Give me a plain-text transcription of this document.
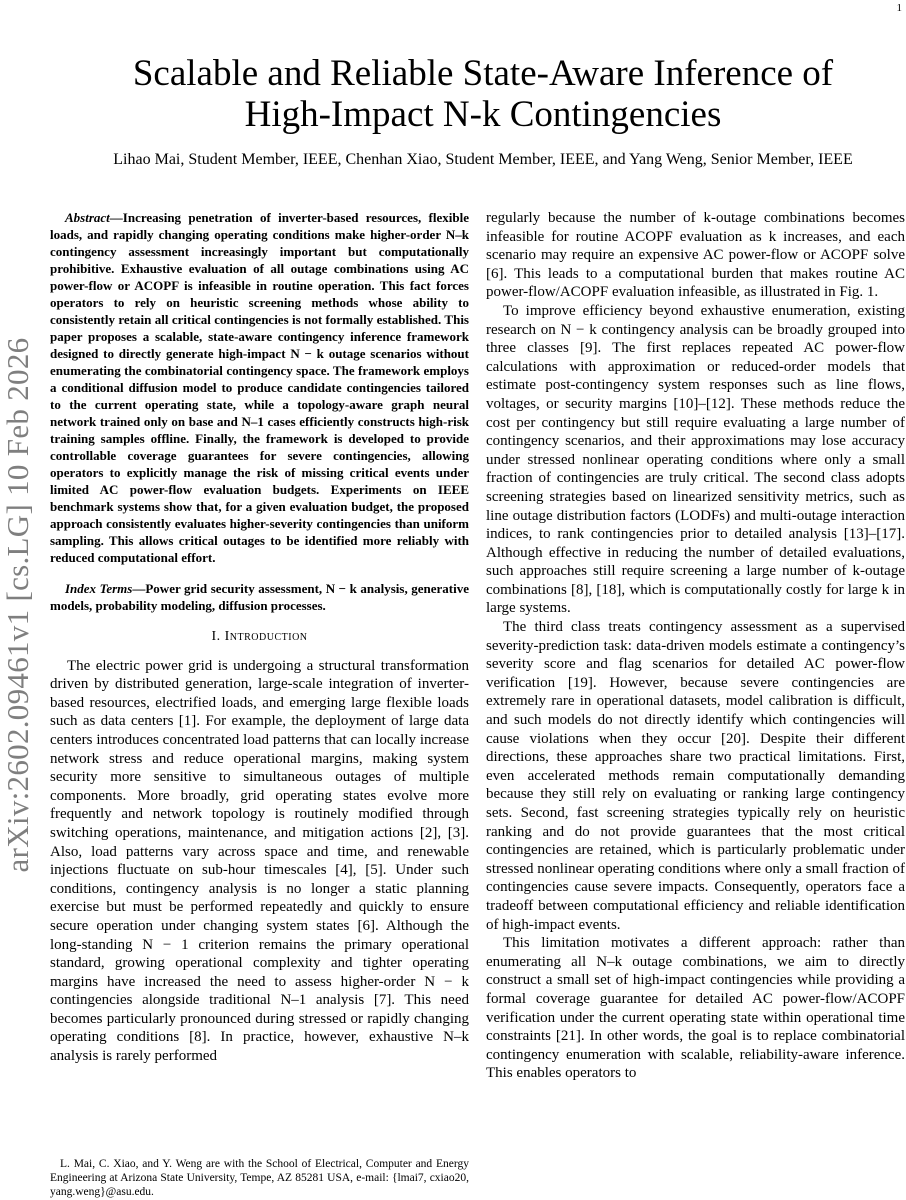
1
arXiv:2602.09461v1 [cs.LG] 10 Feb 2026
Scalable and Reliable State-Aware Inference of
High-Impact N-k Contingencies
Lihao Mai, Student Member, IEEE, Chenhan Xiao, Student Member, IEEE, and Yang Weng, Senior Member, IEEE

Abstract—Increasing penetration of inverter-based resources, flexible loads, and rapidly changing operating conditions make higher-order N–k contingency assessment increasingly important but computationally prohibitive. Exhaustive evaluation of all outage combinations using AC power-flow or ACOPF is infeasible in routine operation. This fact forces operators to rely on heuristic screening methods whose ability to consistently retain all critical contingencies is not formally established. This paper proposes a scalable, state-aware contingency inference framework designed to directly generate high-impact N − k outage scenarios without enumerating the combinatorial contingency space. The framework employs a conditional diffusion model to produce candidate contingencies tailored to the current operating state, while a topology-aware graph neural network trained only on base and N–1 cases efficiently constructs high-risk training samples offline. Finally, the framework is developed to provide controllable coverage guarantees for severe contingencies, allowing operators to explicitly manage the risk of missing critical events under limited AC power-flow evaluation budgets. Experiments on IEEE benchmark systems show that, for a given evaluation budget, the proposed approach consistently evaluates higher-severity contingencies than uniform sampling. This allows critical outages to be identified more reliably with reduced computational effort.

Index Terms—Power grid security assessment, N − k analysis, generative models, probability modeling, diffusion processes.

I. Introduction

The electric power grid is undergoing a structural transformation driven by distributed generation, large-scale integration of inverter-based resources, electrified loads, and emerging large flexible loads such as data centers [1]. For example, the deployment of large data centers introduces concentrated load patterns that can locally increase network stress and reduce operational margins, making system security more sensitive to simultaneous outages of multiple components. More broadly, grid operating states evolve more frequently and network topology is routinely modified through switching operations, maintenance, and mitigation actions [2], [3]. Also, load patterns vary across space and time, and renewable injections fluctuate on sub-hour timescales [4], [5]. Under such conditions, contingency analysis is no longer a static planning exercise but must be performed repeatedly and quickly to ensure secure operation under changing system states [6]. Although the long-standing N − 1 criterion remains the primary operational standard, growing operational complexity and tighter operating margins have increased the need to assess higher-order N − k contingencies alongside traditional N–1 analysis [7]. This need becomes particularly pronounced during stressed or rapidly changing operating conditions [8]. In practice, however, exhaustive N–k analysis is rarely performed

regularly because the number of k-outage combinations becomes infeasible for routine ACOPF evaluation as k increases, and each scenario may require an expensive AC power-flow or ACOPF solve [6]. This leads to a computational burden that makes routine AC power-flow/ACOPF evaluation infeasible, as illustrated in Fig. 1.

To improve efficiency beyond exhaustive enumeration, existing research on N − k contingency analysis can be broadly grouped into three classes [9]. The first replaces repeated AC power-flow calculations with approximation or reduced-order models that estimate post-contingency system responses such as line flows, voltages, or security margins [10]–[12]. These methods reduce the cost per contingency but still require evaluating a large number of contingency scenarios, and their approximations may lose accuracy under stressed nonlinear operating conditions where only a small fraction of contingencies are truly critical. The second class adopts screening strategies based on linearized sensitivity metrics, such as line outage distribution factors (LODFs) and multi-outage interaction indices, to rank contingencies prior to detailed analysis [13]–[17]. Although effective in reducing the number of detailed evaluations, such approaches still require screening a large number of k-outage combinations [8], [18], which is computationally costly for large k in large systems.

The third class treats contingency assessment as a supervised severity-prediction task: data-driven models estimate a contingency’s severity score and flag scenarios for detailed AC power-flow verification [19]. However, because severe contingencies are extremely rare in operational datasets, model calibration is difficult, and such models do not directly identify which contingencies will cause violations when they occur [20]. Despite their different directions, these approaches share two practical limitations. First, even accelerated methods remain computationally demanding because they still rely on evaluating or ranking large contingency sets. Second, fast screening strategies typically rely on heuristic ranking and do not provide guarantees that the most critical contingencies are retained, which is particularly problematic under stressed nonlinear operating conditions where only a small fraction of contingencies cause severe impacts. Consequently, operators face a tradeoff between computational efficiency and reliable identification of high-impact events.

This limitation motivates a different approach: rather than enumerating all N–k outage combinations, we aim to directly construct a small set of high-impact contingencies while providing a formal coverage guarantee for detailed AC power-flow/ACOPF verification under the current operating state within operational time constraints [21]. In other words, the goal is to replace combinatorial contingency enumeration with scalable, reliability-aware inference. This enables operators to

L. Mai, C. Xiao, and Y. Weng are with the School of Electrical, Computer and Energy Engineering at Arizona State University, Tempe, AZ 85281 USA, e-mail: {lmai7, cxiao20, yang.weng}@asu.edu.
